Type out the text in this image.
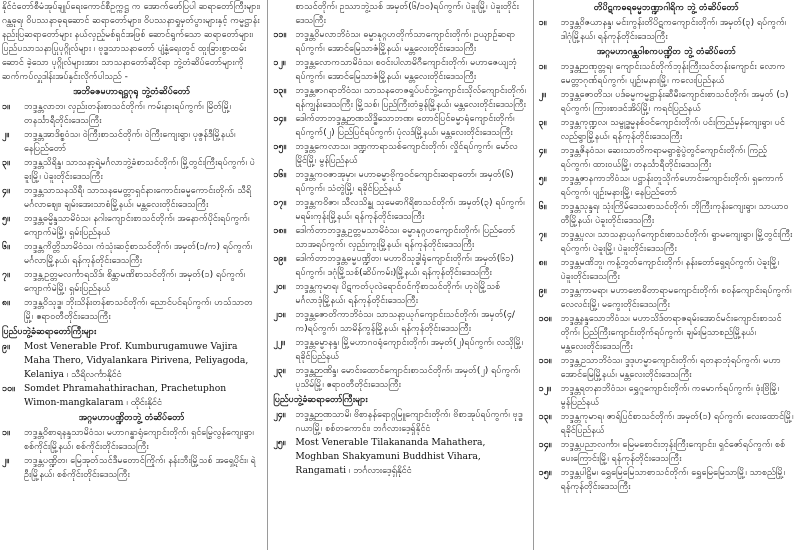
နိုင်ငံတော်စီမံအုပ်ချုပ်ရေးကောင်စီဥက္ကဋ္ဌ က အောက်ဖော်ပြပါ ဆရာတော်ကြီးများ၊ ဂန္ထဓုရ၊ ဝိပဿနာဓုရဆောင် ဆရာတော်များ၊ ဝိပဿနာရှုမှတ်ပွားများနှင့် ကမ္မဋ္ဌာန်းနည်းပြဆရာတော်များ နယ်လှည့်မစ်ရှင်အဖြစ် ဆောင်ရွက်သော ဆရာတော်များ၊ ပြည်ပသာသနာပြုပုဂ္ဂိုလ်များ ၊ ဗုဒ္ဓသာသနာတော် ပျံ့နှံ့ရေးတွင် ထူးခြားစွာထမ်းဆောင် ခဲ့သော ပုဂ္ဂိုလ်များအား သာသနာတော်ဆိုင်ရာ ဘွဲ့တံဆိပ်တော်များကို ဆက်ကပ်လှူဒါန်းအပ်နှင်းလိုက်ပါသည် -

အဘိဓဇမဟာရဋ္ဌဂုရု ဘွဲ့တံဆိပ်တော်
၁။	ဘဒ္ဒန္တလာဘ၊ လှည်းတန်းစာသင်တိုက်၊ ကမ်းနားရပ်ကွက်၊ မြိတ်မြို့၊ တနင်္သာရီတိုင်းဒေသကြီး
၂။	ဘဒ္ဒန္တအာဒိစ္စဝံသ၊ ဝဲကြီးစာသင်တိုက်၊ ဝဲကြီးကျေးရွာ၊ ပုဇွန်ဒီမြို့နယ်၊ နေပြည်တော်
၃။	ဘဒ္ဒန္တသိရိန္ဒ၊ သာသနာ့ရဲ့မင်္ဂလာဘွဲ့ခံစာသင်တိုက်၊ မြို့တွင်းကြီးရပ်ကွက်၊ ပဲခူးမြို့၊ ပဲခူးတိုင်းဒေသကြီး
၄။	ဘဒ္ဒန္တသာသနသိရီ၊ သာသနမေတ္တာရှင်နားကောင်းဓမ္မကောင်းတိုက်၊ သီရိမင်္ဂလာဈေး၊ ချမ်းအေးသာစံမြို့နယ်၊ မန္တလေးတိုင်းဒေသကြီး
၅။	ဘဒ္ဒန္တဓမ္မိန္ဒသာမိဝံသ၊ နဂါးကျောင်းစာသင်တိုက်၊ အနောက်ပိုင်းရပ်ကွက်၊ ကျောက်မဲမြို့၊ ရှမ်းပြည်နယ်
၆။	ဘဒ္ဒန္တကိတ္တိသာမိဝံသ၊ ကံသုံးဆင့်စာသင်တိုက်၊ အမှတ်(၁/က) ရပ်ကွက်၊ မင်္ဂလာမြို့နယ်၊ ရန်ကုန်တိုင်းဒေသကြီး
၇။	ဘဒ္ဒန္တဥတ္တမလင်္ကာရသိဒ်၊ စိန္တာမဏိစာသင်တိုက်၊ အမှတ်(၁) ရပ်ကွက်၊ ကျောက်မဲမြို့၊ ရှမ်းပြည်နယ်
၈။	ဘဒ္ဒန္တဝိသုဒ္ဓ၊ ဘိုးသိန်းတန်စာသင်တိုက်၊ ညောင်ပင်ရပ်ကွက်၊ ဟသ်သာတမြို့၊ ဧရာဝတီတိုင်းဒေသကြီး
ပြည်ပဘွဲ့ခံဆရာတော်ကြီးများ
၉။	Most Venerable Prof. Kumburugamuwe Vajira Maha Thero, Vidyalankara Pirivena, Peliyagoda, Kelaniya ၊ သီရိလင်္ကာနိုင်ငံ
၁၀။ Somdet Phramahathirachan, Prachetuphon Wimon-mangkalaram ၊ ထိုင်းနိုင်ငံ
အဂ္ဂမဟာပဏ္ဍိတဘွဲ့ တံဆိပ်တော်
၁။	ဘဒ္ဒန္တဝိစာရနန္ဒသာမိဝံသ၊ မဟာဂန္ဓာရုံကျောင်းတိုက်၊ ရှင်မြွေလွန်ကျေးရွာ၊ စစ်ကိုင်းမြို့နယ်၊ စစ်ကိုင်းတိုင်းဒေသကြီး
၂။	ဘဒ္ဒန္တပဏ္ဍိတ၊ မြေအုတ်သင်ဒီမတောင်ကြိုက်၊ နန်းဘီးမြို့သစ် အရှေ့ပိုင်း၊ ရဲဦးမြို့နယ်၊ စစ်ကိုင်းတိုင်းဒေသကြီး
စာသင်တိုက်၊ ဥဿာဘွဲ့သစ် အမှတ်(၆/၁၀)ရပ်ကွက်၊ ပဲခူးမြို့၊ ပဲခူးတိုင်းဒေသကြီး
၁၁။	ဘဒ္ဒန္တဝိမလာဘိဝံသ၊ ဓမ္မာနုဂ္ဂဟတိုက်သာကျောင်းတိုက်၊ ဥယျာဉ်ဆရာရပ်ကွက်၊ အောင်မြေသာဇံမြို့နယ်၊ မန္တလေးတိုင်းဒေသကြီး
၁၂။	ဘဒ္ဒန္တလောကသာမိဝံသ၊ စဝင်းပါလာမိဂီကျောင်းတိုက်၊ မဟာဇေယျဘုံရပ်ကွက်၊ အောင်မြေသာဇံမြို့နယ်၊ မန္တလေးတိုင်းဒေသကြီး
၁၃။	ဘဒ္ဒန္တဇာဂရာဘိဝံသ၊ သာသနတေဇရှုပ်ပင်ဘွဲ့ကျောင်းသိုလ်ကျောင်းတိုက်၊ ရန်ကျွန်းဒေသကြီး မြို့သစ်၊ ပြည်ကြီးတံခွန်မြို့နယ်၊ မန္တလေးတိုင်းဒေသကြီး
၁၄။	ဒေါက်တာဘဒ္ဒန္တဉာဏသိဒ္ဓိသောဘဏ၊ တောင်ပြင်ဓမ္မာရုံကျောင်းတိုက်၊ ရပ်ကွက်(၂) ပြည်ပြင်ရပ်ကွက်၊ ပုံလဒ်မြို့နယ်၊ မန္တလေးတိုင်းဒေသကြီး
၁၅။	ဘဒ္ဒန္တကေလာသ၊ ဒဏ္ဍကာရာသစ်ကျောင်းတိုက်၊ လှိုင်ရပ်ကွက်၊ မော်လမြိုင်မြို့၊ မွန်ပြည်နယ်
၁၆။	ဘဒ္ဒန္တကဝဇာအုမှာ၊ မဟာဓမ္မာဗိုက္ခဝင်ကျောင်းဆရာတော်၊ အမှတ်(၆) ရပ်ကွက်၊ သံတွဲမြို့၊ ရခိုင်ပြည်နယ်
၁၇။	ဘဒ္ဒန္တကဝိဇာ၊ သီလသိန္ဓု သုမေဓာဂိရိစာသင်တိုက်၊ အမှတ်(၃) ရပ်ကွက်၊ မရမ်းကုန်းမြို့နယ်၊ ရန်ကုန်တိုင်းဒေသကြီး
၁၈။	ဒေါက်တာဘဒ္ဒန္တဥတ္တမသာမိဝံသ၊ ဓမ္မာနုဂ္ဂဟကျောင်းတိုက်၊ ပြည်တော်သာအရပ်ကွက်၊ လှည်းကူးမြို့နယ်၊ ရန်ကုန်တိုင်းဒေသကြီး
၁၉။	ဒေါက်တာဘဒ္ဒန္တဓမ္မပဏ္ဍိတ၊ မဟာဝိသုဒ္ဓါရုံကျောင်းတိုက်၊ အမှတ်(၆၁) ရပ်ကွက်၊ ဒဂုံမြို့သစ်(ဆိပ်ကမ်း)မြို့နယ်၊ ရန်ကုန်တိုင်းဒေသကြီး
၂၀။	ဘဒ္ဒန္တကုမာရ၊ ပိဋကတ်ပုလဲရောင်ဝင်ကိုစာသင်တိုက်၊ ဟုဝဲမြို့သစ် မင်္ဂလာဒုံမြို့နယ်၊ ရန်ကုန်တိုင်းဒေသကြီး
၂၁။	ဘဒ္ဒန္တဇောတိကာဘိဝံသ၊ သာသနာ့ယုဂ်ကျောင်းသင်တိုက်၊ အမှတ်(၄/က)ရပ်ကွက်၊ သာမိန်ကွန်မြို့နယ်၊ ရန်ကုန်တိုင်းဒေသကြီး
၂၂။	ဘဒ္ဒန္တဓမ္မာနန္ဒ၊ မြို့မဟာဂ၀ရုံကျောင်းတိုက်၊ အမှတ်(၂)ရပ်ကွက်၊ လသိုမြို့၊ ရခိုင်ပြည်နယ်
၂၃။	ဘဒ္ဒန္တဉာဏိန္ဒ၊ မောင်းထောင်ကျောင်းစာသင်တိုက်၊ အမှတ်(၂) ရပ်ကွက်၊ ပုသိမ်မြို့၊ ဧရာဝတီတိုင်းဒေသကြီး
ပြည်ပဘွဲ့ခံဆရာတော်ကြီးများ
၂၄။	ဘဒ္ဒန္တဉာဏသာမိ၊ ဗိစာနန်ရောဂ္ဂမြူကျောင်းတိုက်၊ ဗိစာအုပ်ရပ်ကွက်၊ ဗုဒ္ဓဂယာမြို့၊ စစ်တကောင်း၊ ဘင်္ဂလားဒေ့ရှ်နိုင်ငံ
၂၅။	Most Venerable Tilakananda Mahathera, Moghban Shakyamuni Buddhist Vihara, Rangamati ၊ ဘင်္ဂလားဒေ့ရှ်နိုင်ငံ
တိပိဋကဓရဓမ္မဘဏ္ဍာဂါရိက ဘွဲ့ တံဆိပ်တော်
၁။	ဘဒ္ဒန္တဝိဇယာနန္ဒ၊ မင်းကွန်းတိပိဋကကျောင်းတိုက်၊ အမှတ်(၃) ရပ်ကွက်၊ ဒါဂုံမြို့နယ်၊ ရန်ကုန်တိုင်းဒေသကြီး
အဂ္ဂမဟာဂန္ထဝါစကပဏ္ဍိတ ဘွဲ့ တံဆိပ်တော်
၁။	ဘဒ္ဒန္တဉာဏုတ္တရ၊ ကျောင်းသင်တိုက်ဘုန်းကြီးသင်တန်းကျောင်း လောကမေတ္တာဂုဏ်ရပ်ကွက်၊ ပျဉ်းမနားမြို့၊ ကလေးပြည်နယ်
၂။	ဘဒ္ဒန္တဇောတိသ၊ ပဒ်ဓမ္မကမ္မဋ္ဌာန်းဆီမီးကျောင်းစာသင်တိုက်၊ အမှတ် (၁) ရပ်ကွက်၊ ကြားစာဒင်အိပ်မြို့၊ ကရင်ပြည်နယ်
၃။	ဘဒ္ဒန္တကုဏ္ဍလ၊ သမ္ဗုဒ္ဓမ္မနစ်ဝင်ကျောင်းတိုက်၊ ပင်းကြည်မှန်ကျေးရွာ၊ ပင်လည်ရွာမြို့နယ်၊ ရန်ကုန်တိုင်းဒေသကြီး
၄။	ဘဒ္ဒန္တဇိနဝံသ၊ ဆေးသာတိကရာမရွာစွဲပွဲတွင်ကျောင်းတိုက်၊ ကြည့်ရပ်ကွက်၊ ထားဝယ်မြို့၊ တနင်္သာရီတိုင်းဒေသကြီး
၅။	ဘဒ္ဒန္တဇာနကာဘိဝံသ၊ ပဋ္ဌာန်းတူသိုက်ဟောင်းကျောင်းတိုက်၊ ရှကောက်ရပ်ကွက်၊ ပျဉ်းမနားမြို့၊ နေပြည်တော်
၆။	ဘဒ္ဒန္တသုန္ဒရ၊ သုံးကြိမ်ဒေသစာသင်တိုက်၊ ဘိုကြီးကုန်းကျေးရွာ၊ သာယာဝတီမြို့နယ်၊ ပဲခူးတိုင်းဒေသကြီး
၇။	ဘဒ္ဒန္တပုလ၊ သာသနာ့ယုဂ်ကျောင်းစာသင်တိုက်၊ ရွာမကျေးရွာ၊ မြို့တွင်းကြီးရပ်ကွက်၊ ပဲခူးမြို့၊ ပဲခူးတိုင်းဒေသကြီး
၈။	ဘဒ္ဒန္တမဏိဘူ၊ ကန့်ဘွတ်ကျောင်းတိုက်၊ နန်းတော်ရှေ့ရပ်ကွက်၊ ပဲခူးမြို့၊ ပဲခူးတိုင်းဒေသကြီး
၉။	ဘဒ္ဒန္တကာမရာ၊ မဟာဗောဓိတာရာမကျောင်းတိုက်၊ စဝန်ကျောင်းရပ်ကွက်၊ လေလင်းမြို့၊ မကွေးတိုင်းဒေသကြီး
၁၀။	ဘဒ္ဒန္တနန္ဒသောဘိဝံသ၊ မဟာသိဒ်တရာဇရမ်းအောင်မင်းကျောင်းစာသင်တိုက်၊ ပြည်ကြီးကျောင်းတိုက်ရပ်ကွက်၊ ချမ်းမြသာစည်မြို့နယ်၊ မန္တလေးတိုင်းဒေသကြီး
၁၁။	ဘဒ္ဒန္တဥသာဘိဝံသ၊ ဒ္ဒဒုဟမ္မာကျောင်းတိုက်၊ ရတနာဘုံရပ်ကွက်၊ မဟာအောင်မြေမြို့နယ်၊ မန္တလေးတိုင်းဒေသကြီး
၁၂။	ဘဒ္ဒန္တရတနာဘိဝံသ၊ ရွှေဂူကျောင်းတိုက်၊ ကမောက်ရပ်ကွက်၊ ဖုံးဗြိမြို့၊ မွန်ပြည်နယ်
၁၃။	ဘဒ္ဒန္တကုမာရ၊ ဇာရ်ပြင်စာသင်တိုက်၊ အမှတ်(၁) ရပ်ကွက်၊ လေးထောင်မြို့၊ ရခိုင်ပြည်နယ်
၁၄။	ဘဒ္ဒန္တပညာလင်္ကာ၊ မြေမစောင်းဘုန်းကြီးကျောင်း၊ ရှင်ဇော်ရပ်ကွက်၊ စစ်ပေးကြောင်းမြို့၊ ရန်ကုန်တိုင်းဒေသကြီး
၁၅။	ဘဒ္ဒန္တပါဠိမ၊ ရွှေမြေမြေသာစာသင်တိုက်၊ ရွှေမြေမြေသာမြို့၊ သာစည်မြို့၊ ရန်ကုန်တိုင်းဒေသကြီး
